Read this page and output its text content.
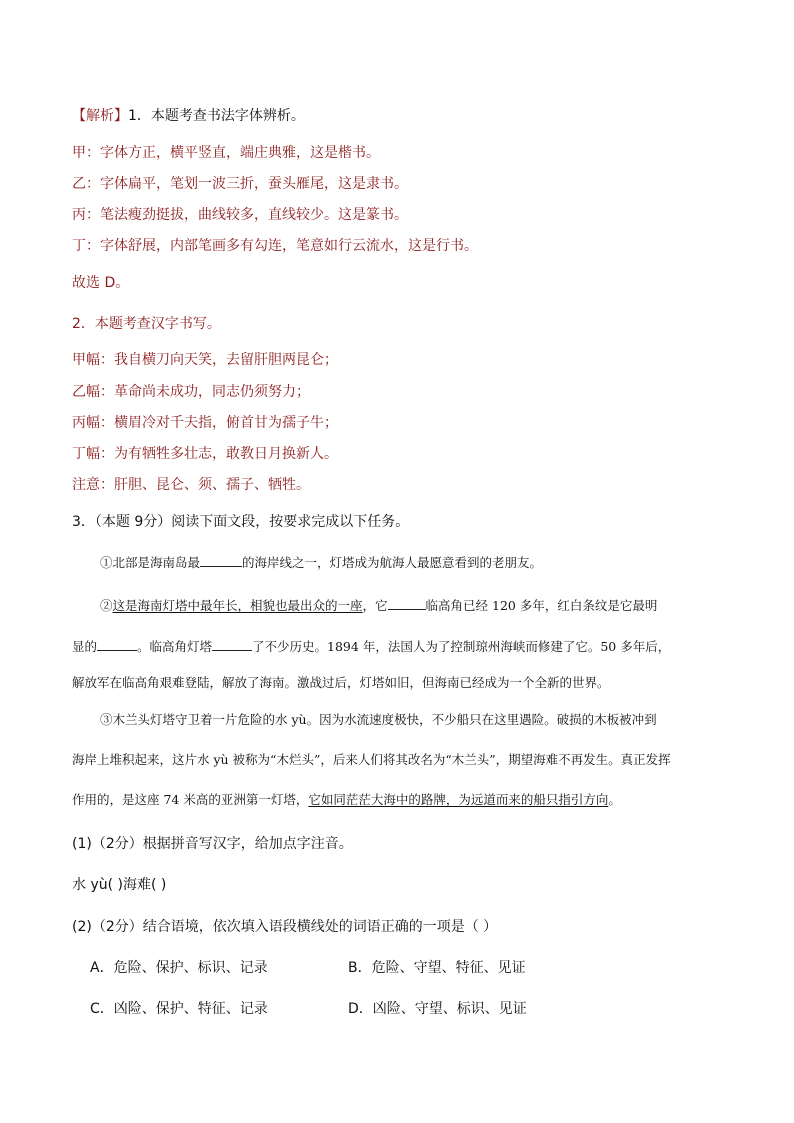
【解析】1．本题考查书法字体辨析。
甲：字体方正，横平竖直，端庄典雅，这是楷书。
乙：字体扁平，笔划一波三折，蚕头雁尾，这是隶书。
丙：笔法瘦劲挺拔，曲线较多，直线较少。这是篆书。
丁：字体舒展，内部笔画多有勾连，笔意如行云流水，这是行书。
故选 D。
2．本题考查汉字书写。
甲幅：我自横刀向天笑，去留肝胆两昆仑；
乙幅：革命尚未成功，同志仍须努力；
丙幅：横眉冷对千夫指，俯首甘为孺子牛；
丁幅：为有牺牲多壮志，敢教日月换新人。
注意：肝胆、昆仑、须、孺子、牺牲。
3．（本题 9分）阅读下面文段，按要求完成以下任务。
①北部是海南岛最	的海岸线之一，灯塔成为航海人最愿意看到的老朋友。
②这是海南灯塔中最年长，相貌也最出众的一座，它	临高角已经 120 多年，红白条纹是它最明
显的	。临高角灯塔	了不少历史。1894 年，法国人为了控制琼州海峡而修建了它。50 多年后，
解放军在临高角艰难登陆，解放了海南。激战过后，灯塔如旧，但海南已经成为一个全新的世界。
③木兰头灯塔守卫着一片危险的水 yù。因为水流速度极快，不少船只在这里遇险。破损的木板被冲到
海岸上堆积起来，这片水 yù 被称为“木烂头”，后来人们将其改名为“木兰头”，期望海难不再发生。真正发挥
作用的，是这座 74 米高的亚洲第一灯塔，它如同茫茫大海中的路牌，为远道而来的船只指引方向。
(1)（2分）根据拼音写汉字，给加点字注音。
水 yù( )海难( )
(2)（2分）结合语境，依次填入语段横线处的词语正确的一项是（ ）
A．危险、保护、标识、记录	B．危险、守望、特征、见证
C．凶险、保护、特征、记录	D．凶险、守望、标识、见证
